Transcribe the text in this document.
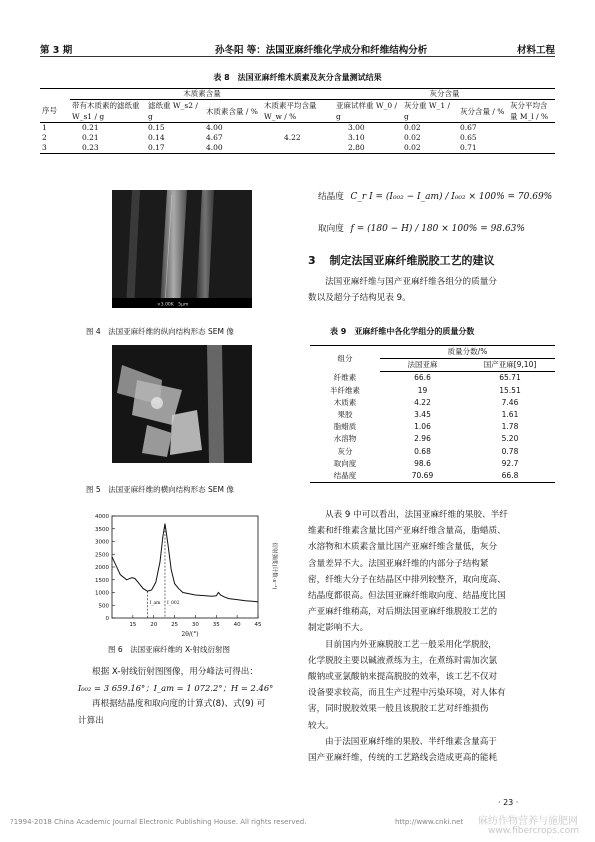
第 3 期	孙冬阳 等：法国亚麻纤维化学成分和纤维结构分析	材料工程
表 8　法国亚麻纤维木质素及灰分含量测试结果
	木质素含量				灰分含量			
序号	带有木质素的滤纸重 W_s1 / g	滤纸重 W_s2 / g	木质素含量 / %	木质素平均含量 W_w / %	亚麻试样重 W_0 / g	灰分重 W_1 / g	灰分含量 / %	灰分平均含量 M_l / %
1	0.21	0.15	4.00		3.00	0.02	0.67	
2	0.21	0.14	4.67	4.22	3.10	0.02	0.65	
3	0.23	0.17	4.00		2.80	0.02	0.71	
×3.00K　5μm
图 4　法国亚麻纤维的纵向结构形态 SEM 像
图 5　法国亚麻纤维的横向结构形态 SEM 像
0
500
1000
1500
2000
2500
3000
3500
4000
15	20	25	30	35	40	45
I_am I_002
衍射强度(计数·s⁻¹)
2θ/(°)
图 6　法国亚麻纤维的 X-射线衍射图
根据 X-射线衍射图图像，用分峰法可得出：
I₀₀₂ = 3 659.16°；I_am = 1 072.2°；H = 2.46°
再根据结晶度和取向度的计算式(8)、式(9) 可
计算出
结晶度 C_r I = (I₀₀₂ − I_am) / I₀₀₂ × 100% = 70.69%
取向度 f = (180 − H) / 180 × 100% = 98.63%
3 制定法国亚麻纤维脱胶工艺的建议
法国亚麻纤维与国产亚麻纤维各组分的质量分
数以及超分子结构见表 9。
表 9　亚麻纤维中各化学组分的质量分数
组分	质量分数/%	
	法国亚麻	国产亚麻[9,10]
纤维素	66.6	65.71
半纤维素	19	15.51
木质素	4.22	7.46
果胶	3.45	1.61
脂蜡质	1.06	1.78
水溶物	2.96	5.20
灰分	0.68	0.78
取向度	98.6	92.7
结晶度	70.69	66.8
从表 9 中可以看出，法国亚麻纤维的果胶、半纤
维素和纤维素含量比国产亚麻纤维含量高，脂蜡质、
水溶物和木质素含量比国产亚麻纤维含量低，灰分
含量差异不大。法国亚麻纤维的内部分子结构紧
密，纤维大分子在结晶区中排列较整齐，取向度高、
结晶度都很高。但法国亚麻纤维取向度、结晶度比国
产亚麻纤维稍高，对后期法国亚麻纤维脱胶工艺的
制定影响不大。
目前国内外亚麻脱胶工艺一般采用化学脱胶，
化学脱胶主要以碱液煮练为主，在煮练时需加次氯
酸钠或亚氯酸钠来提高脱胶的效率，该工艺不仅对
设备要求较高，而且生产过程中污染环境，对人体有
害，同时脱胶效果一般且该脱胶工艺对纤维损伤
较大。
由于法国亚麻纤维的果胶、半纤维素含量高于
国产亚麻纤维，传统的工艺路线会造成更高的能耗
· 23 ·
?1994-2018 China Academic Journal Electronic Publishing House. All rights reserved.	http://www.cnki.net 麻纺作物营养与施肥网
www.fibercrops.com
